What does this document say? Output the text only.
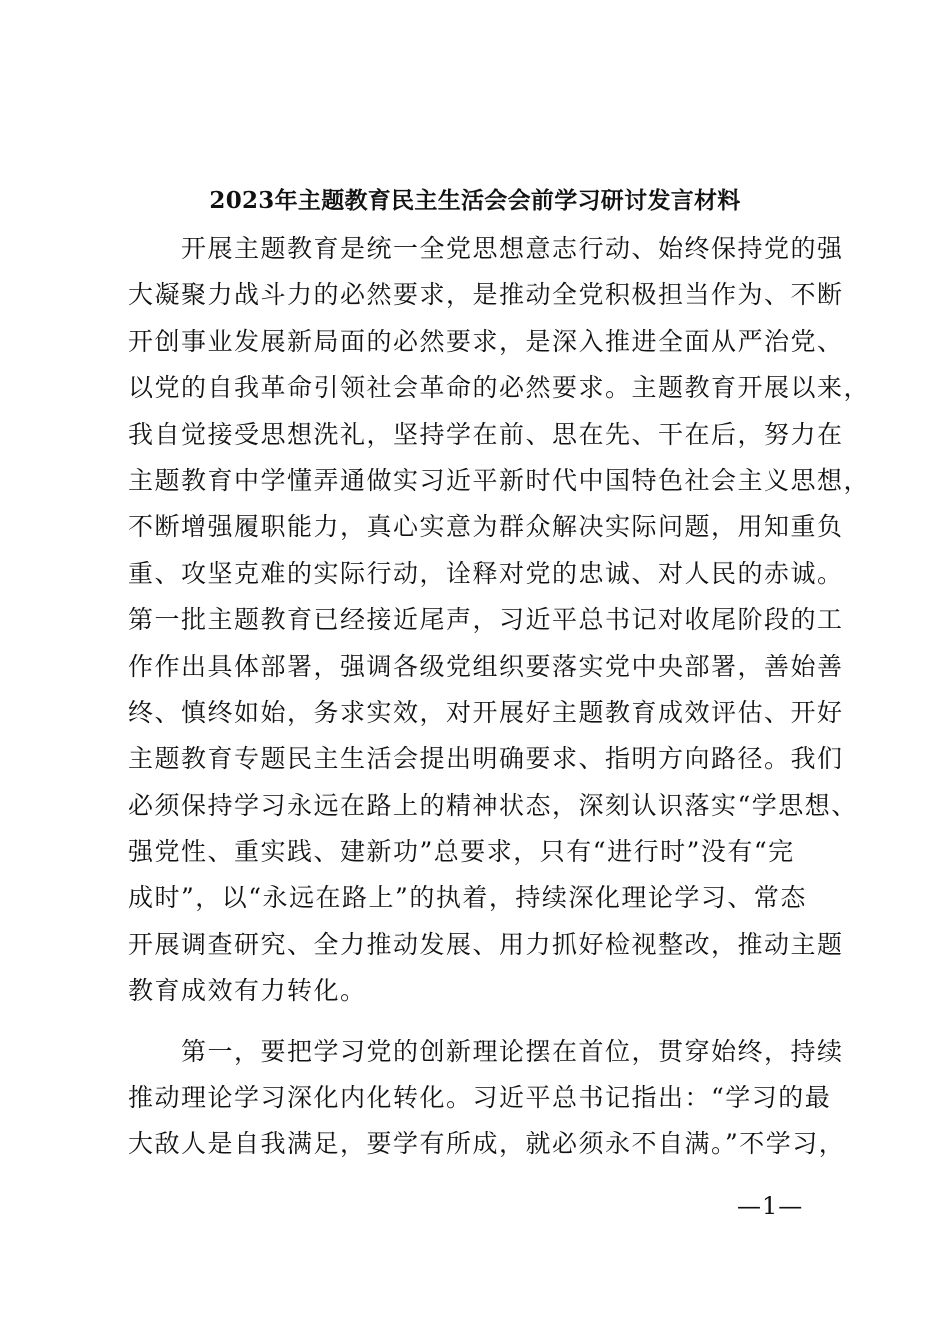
2023年主题教育民主生活会会前学习研讨发言材料

　　开展主题教育是统一全党思想意志行动、始终保持党的强
大凝聚力战斗力的必然要求，是推动全党积极担当作为、不断
开创事业发展新局面的必然要求，是深入推进全面从严治党、
以党的自我革命引领社会革命的必然要求。主题教育开展以来，
我自觉接受思想洗礼，坚持学在前、思在先、干在后，努力在
主题教育中学懂弄通做实习近平新时代中国特色社会主义思想，
不断增强履职能力，真心实意为群众解决实际问题，用知重负
重、攻坚克难的实际行动，诠释对党的忠诚、对人民的赤诚。
第一批主题教育已经接近尾声，习近平总书记对收尾阶段的工
作作出具体部署，强调各级党组织要落实党中央部署，善始善
终、慎终如始，务求实效，对开展好主题教育成效评估、开好
主题教育专题民主生活会提出明确要求、指明方向路径。我们
必须保持学习永远在路上的精神状态，深刻认识落实“学思想、
强党性、重实践、建新功”总要求，只有“进行时”没有“完
成时”，以“永远在路上”的执着，持续深化理论学习、常态
开展调查研究、全力推动发展、用力抓好检视整改，推动主题
教育成效有力转化。

　　第一，要把学习党的创新理论摆在首位，贯穿始终，持续
推动理论学习深化内化转化。习近平总书记指出：“学习的最
大敌人是自我满足，要学有所成，就必须永不自满。”不学习，

—1—
